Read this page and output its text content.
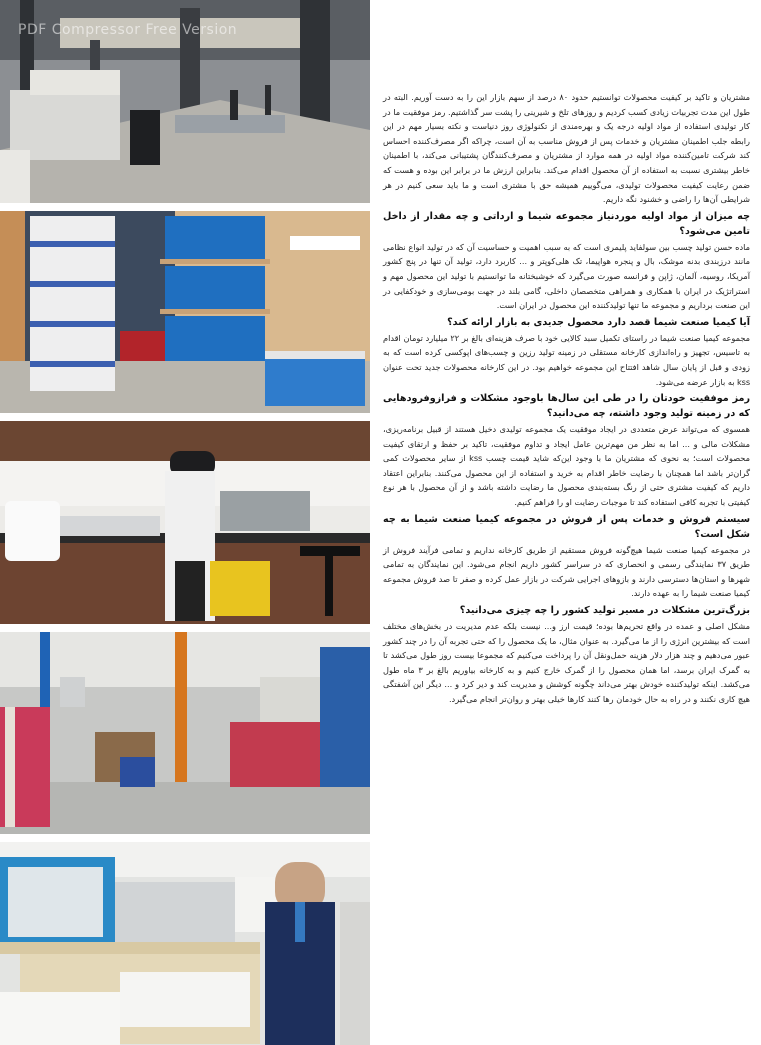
PDF Compressor Free Version

مشتریان و تاکید بر کیفیت محصولات توانستیم حدود ۸۰ درصد از سهم بازار این را به دست آوریم. البته در طول این مدت تجربیات زیادی کسب کردیم و روزهای تلخ و شیرینی را پشت سر گذاشتیم. رمز موفقیت ما در کار تولیدی استفاده از مواد اولیه درجه یک و بهره‌مندی از تکنولوژی روز دنیاست و نکته بسیار مهم در این رابطه جلب اطمینان مشتریان و خدمات پس از فروش مناسب به آن است، چراکه اگر مصرف‌کننده احساس کند شرکت تامین‌کننده مواد اولیه در همه موارد از مشتریان و مصرف‌کنندگان پشتیبانی می‌کند، با اطمینان خاطر بیشتری نسبت به استفاده از آن محصول اقدام می‌کند. بنابراین ارزش ما در برابر این بوده و هست که ضمن رعایت کیفیت محصولات تولیدی، می‌گوییم همیشه حق با مشتری است و ما باید سعی کنیم در هر شرایطی آن‌ها را راضی و خشنود نگه داریم.

چه میزان از مواد اولیه موردنیاز مجموعه شیما و ارداتی و چه مقدار از داخل تامین می‌شود؟

ماده حسن تولید چسب بین سولفاید پلیمری است که به سبب اهمیت و حساسیت آن که در تولید انواع نظامی مانند درزبندی بدنه موشک، بال و پنجره هواپیما، تک هلی‌کوپتر و ... کاربرد دارد، تولید آن تنها در پنج کشور آمریکا، روسیه، آلمان، ژاپن و فرانسه صورت می‌گیرد که خوشبختانه ما توانستیم با تولید این محصول مهم و استراتژیک در ایران با همکاری و همراهی متخصصان داخلی، گامی بلند در جهت بومی‌سازی و خودکفایی در این صنعت برداریم و مجموعه ما تنها تولیدکننده این محصول در ایران است.

آیا کیمیا صنعت شیما قصد دارد محصول جدیدی به بازار ارائه کند؟

مجموعه کیمیا صنعت شیما در راستای تکمیل سبد کالایی خود با صرف هزینه‌ای بالغ بر ۲۲ میلیارد تومان اقدام به تاسیس، تجهیز و راه‌اندازی کارخانه مستقلی در زمینه تولید رزین و چسب‌های اپوکسی کرده است که به زودی و قبل از پایان سال شاهد افتتاح این مجموعه خواهیم بود. در این کارخانه محصولات جدید تحت عنوان kss به بازار عرضه می‌شود.

رمز موفقیت خودتان را در طی این سال‌ها باوجود مشکلات و فرازوفرودهایی که در زمینه تولید وجود داشته، چه می‌دانید؟

همسوی که می‌تواند عرض متعددی در ایجاد موفقیت یک مجموعه تولیدی دخیل هستند از قبیل برنامه‌ریزی، مشکلات مالی و ... اما به نظر من مهم‌ترین عامل ایجاد و تداوم موفقیت، تاکید بر حفظ و ارتقای کیفیت محصولات است؛ به نحوی که مشتریان ما با وجود این‌که شاید قیمت چسب kss از سایر محصولات کمی گران‌تر باشد اما همچنان با رضایت خاطر اقدام به خرید و استفاده از این محصول می‌کنند. بنابراین اعتقاد داریم که کیفیت مشتری حتی از رنگ بسته‌بندی محصول ما رضایت داشته باشد و از آن محصول با هر نوع کیفیتی با تجربه کافی استفاده کند تا موجبات رضایت او را فراهم کنیم.

سیستم فروش و خدمات پس از فروش در مجموعه کیمیا صنعت شیما به چه شکل است؟

در مجموعه کیمیا صنعت شیما هیچ‌گونه فروش مستقیم از طریق کارخانه نداریم و تمامی فرآیند فروش از طریق ۳۷ نمایندگی رسمی و انحصاری که در سراسر کشور داریم انجام می‌شود. این نمایندگان به تمامی شهرها و استان‌ها دسترسی دارند و بازوهای اجرایی شرکت در بازار عمل کرده و صفر تا صد فروش مجموعه کیمیا صنعت شیما را به عهده دارند.

بزرگ‌ترین مشکلات در مسیر تولید کشور را چه چیزی می‌دانید؟

مشکل اصلی و عمده در واقع تحریم‌ها بوده؛ قیمت ارز و... نیست بلکه عدم مدیریت در بخش‌های مختلف است که بیشترین انرژی را از ما می‌گیرد. به عنوان مثال، ما یک محصول را که حتی تجربه آن را در چند کشور عبور می‌دهیم و چند هزار دلار هزینه حمل‌ونقل آن را پرداخت می‌کنیم که مجموعا بیست روز طول می‌کشد تا به گمرک ایران برسد، اما همان محصول را از گمرک خارج کنیم و به کارخانه بیاوریم بالغ بر ۳ ماه طول می‌کشد. اینکه تولیدکننده خودش بهتر می‌داند چگونه کوشش و مدیریت کند و دیر کرد و ... دیگر این آشفتگی هیچ کاری نکنند و در راه به حال خودمان رها کنند کارها خیلی بهتر و روان‌تر انجام می‌گیرد.
